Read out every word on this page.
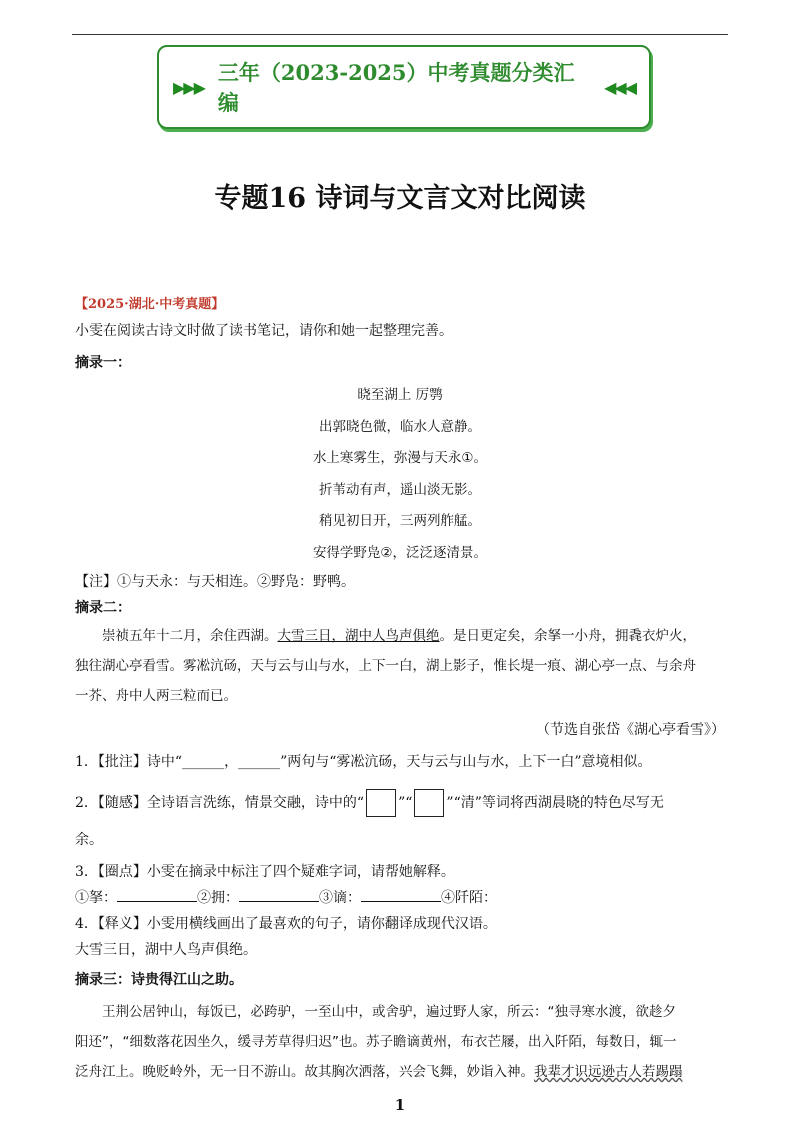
▶▶▶
三年（2023-2025）中考真题分类汇编
◀◀◀
专题16 诗词与文言文对比阅读
【2025·湖北·中考真题】
小雯在阅读古诗文时做了读书笔记，请你和她一起整理完善。
摘录一：
晓至湖上 厉鹗
出郭晓色微，临水人意静。
水上寒雾生，弥漫与天永①。
折苇动有声，遥山淡无影。
稍见初日开，三两列舴艋。
安得学野凫②，泛泛逐清景。
【注】①与天永：与天相连。②野凫：野鸭。
摘录二：
崇祯五年十二月，余住西湖。大雪三日，湖中人鸟声俱绝。是日更定矣，余拏一小舟，拥毳衣炉火，
独往湖心亭看雪。雾凇沆砀，天与云与山与水，上下一白，湖上影子，惟长堤一痕、湖心亭一点、与余舟
一芥、舟中人两三粒而已。
（节选自张岱《湖心亭看雪》）
1．【批注】诗中“______，______”两句与“雾凇沆砀，天与云与山与水，上下一白”意境相似。
2．【随感】全诗语言洗练，情景交融，诗中的“ ”“ ”“清”等词将西湖晨晓的特色尽写无
余。
3．【圈点】小雯在摘录中标注了四个疑难字词，请帮她解释。
①拏：	②拥：	③谪：	④阡陌：
4．【释义】小雯用横线画出了最喜欢的句子，请你翻译成现代汉语。
大雪三日，湖中人鸟声俱绝。
摘录三：诗贵得江山之助。
王荆公居钟山，每饭已，必跨驴，一至山中，或舍驴，遍过野人家，所云：“独寻寒水渡，欲趁夕
阳还”，“细数落花因坐久，缓寻芳草得归迟”也。苏子瞻谪黄州，布衣芒屦，出入阡陌，每数日，辄一
泛舟江上。晚贬岭外，无一日不游山。故其胸次洒落，兴会飞舞，妙诣入神。我辈才识远逊古人若踢蹋
1
